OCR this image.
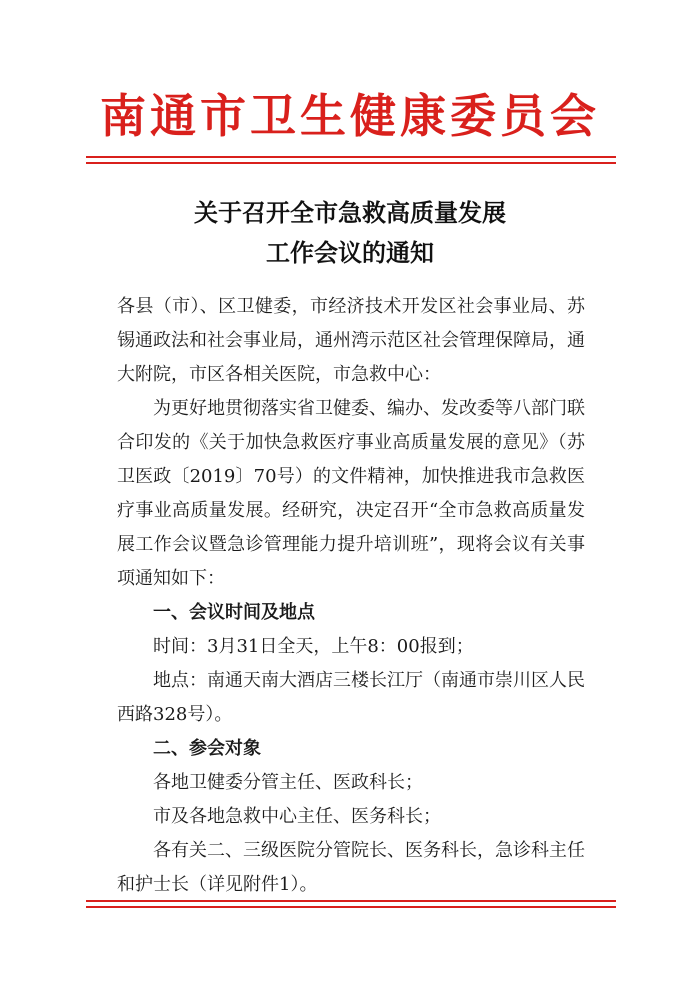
南通市卫生健康委员会
关于召开全市急救高质量发展
工作会议的通知

各县（市）、区卫健委，市经济技术开发区社会事业局、苏锡通政法和社会事业局，通州湾示范区社会管理保障局，通大附院，市区各相关医院，市急救中心：

为更好地贯彻落实省卫健委、编办、发改委等八部门联合印发的《关于加快急救医疗事业高质量发展的意见》（苏卫医政〔2019〕70号）的文件精神，加快推进我市急救医疗事业高质量发展。经研究，决定召开“全市急救高质量发展工作会议暨急诊管理能力提升培训班”，现将会议有关事项通知如下：

一、会议时间及地点

时间：3月31日全天，上午8：00报到；

地点：南通天南大酒店三楼长江厅（南通市崇川区人民西路328号）。

二、参会对象

各地卫健委分管主任、医政科长；

市及各地急救中心主任、医务科长；

各有关二、三级医院分管院长、医务科长，急诊科主任和护士长（详见附件1）。
